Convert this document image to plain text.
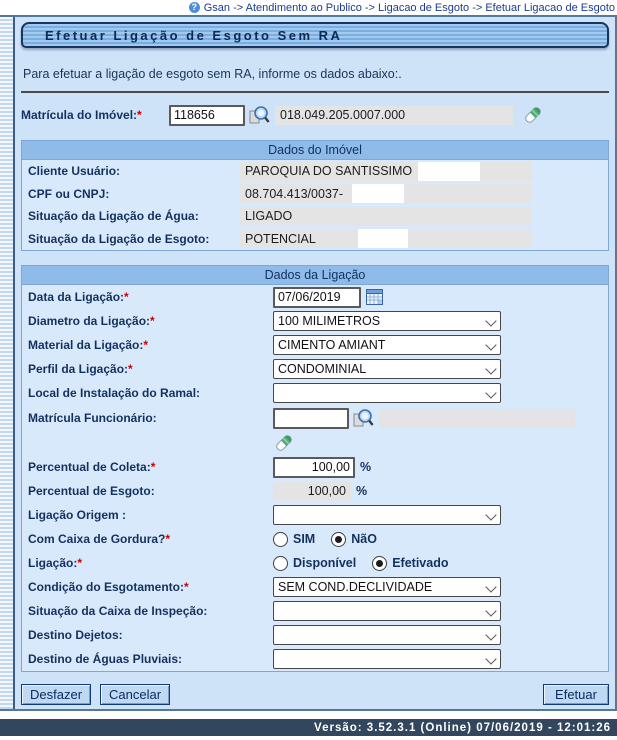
? Gsan -> Atendimento ao Publico -> Ligacao de Esgoto -> Efetuar Ligacao de Esgoto
Efetuar Ligação de Esgoto Sem RA
Para efetuar a ligação de esgoto sem RA, informe os dados abaixo:.
Matrícula do Imóvel:*
118656	018.049.205.0007.000
Dados do Imóvel
Cliente Usuário:	PAROQUIA DO SANTISSIMO
CPF ou CNPJ:	08.704.413/0037-
Situação da Ligação de Água:	LIGADO
Situação da Ligação de Esgoto:	POTENCIAL
Dados da Ligação
Data da Ligação:*
07/06/2019
Diametro da Ligação:*
100 MILIMETROS
Material da Ligação:*
CIMENTO AMIANT
Perfil da Ligação:*
CONDOMINIAL
Local de Instalação do Ramal:
Matrícula Funcionário:
Percentual de Coleta:*
100,00	%
Percentual de Esgoto:	100,00 %
Ligação Origem :
Com Caixa de Gordura?*	SIM	NãO
Ligação:*	Disponível	Efetivado
Condição do Esgotamento:*
SEM COND.DECLIVIDADE
Situação da Caixa de Inspeção:
Destino Dejetos:
Destino de Águas Pluviais:
Desfazer	Cancelar	Efetuar
Versão: 3.52.3.1 (Online) 07/06/2019 - 12:01:26
